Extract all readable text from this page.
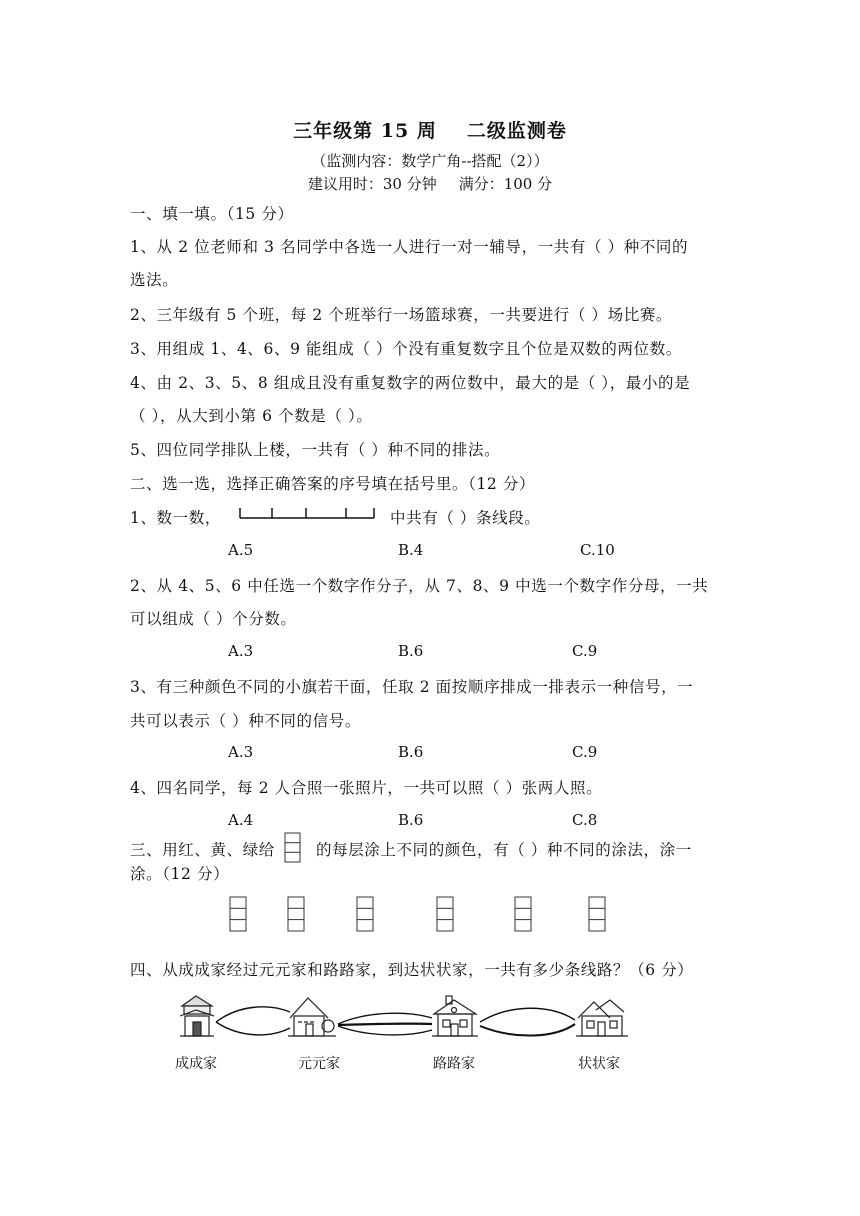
三年级第 15 周 二级监测卷
（监测内容：数学广角--搭配（2））
建议用时：30 分钟 满分：100 分
一、填一填。（15 分）
1、从 2 位老师和 3 名同学中各选一人进行一对一辅导，一共有（ ）种不同的
选法。
2、三年级有 5 个班，每 2 个班举行一场篮球赛，一共要进行（ ）场比赛。
3、用组成 1、4、6、9 能组成（ ）个没有重复数字且个位是双数的两位数。
4、由 2、3、5、8 组成且没有重复数字的两位数中，最大的是（ ），最小的是
（ ），从大到小第 6 个数是（ ）。
5、四位同学排队上楼，一共有（ ）种不同的排法。
二、选一选，选择正确答案的序号填在括号里。（12 分）
1、数一数，	中共有（ ）条线段。
A.5	B.4	C.10
2、从 4、5、6 中任选一个数字作分子，从 7、8、9 中选一个数字作分母，一共
可以组成（ ）个分数。
A.3	B.6	C.9
3、有三种颜色不同的小旗若干面，任取 2 面按顺序排成一排表示一种信号，一
共可以表示（ ）种不同的信号。
A.3	B.6	C.9
4、四名同学，每 2 人合照一张照片，一共可以照（ ）张两人照。
A.4	B.6	C.8
三、用红、黄、绿给	的每层涂上不同的颜色，有（ ）种不同的涂法，涂一
涂。（12 分）
四、从成成家经过元元家和路路家，到达状状家，一共有多少条线路？（6 分）
成成家	元元家	路路家	状状家
